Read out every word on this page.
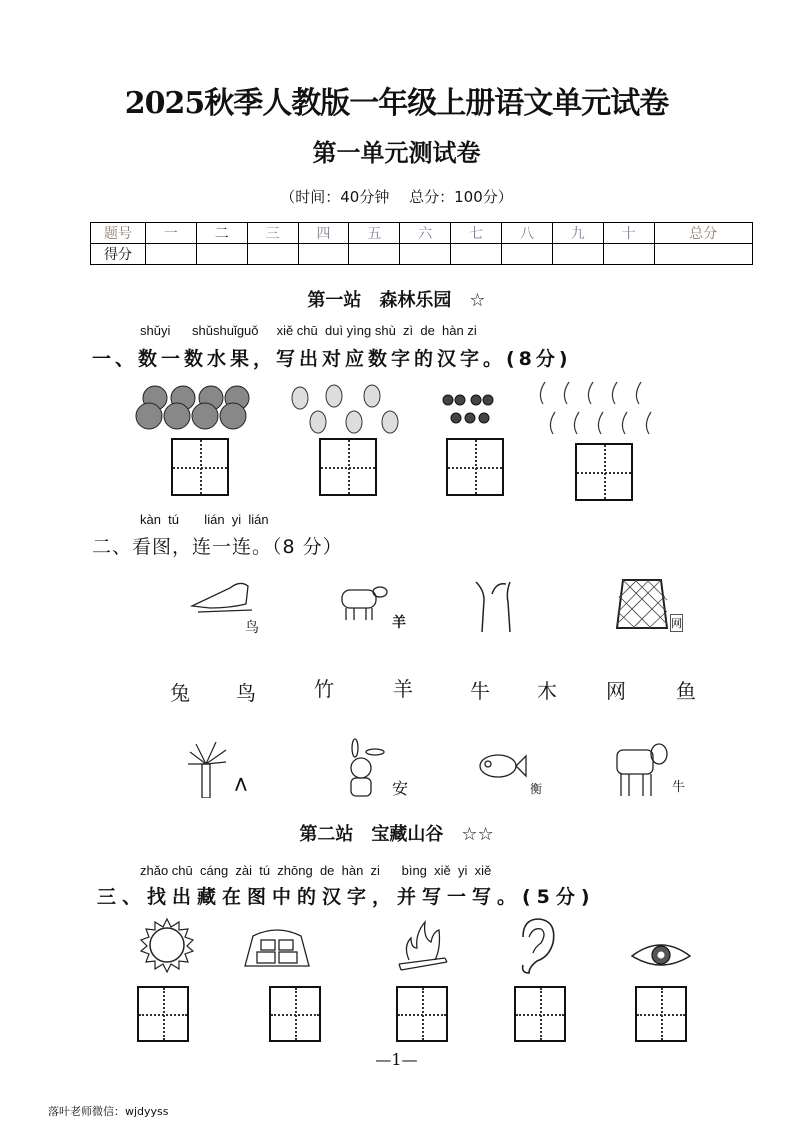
2025秋季人教版一年级上册语文单元试卷
第一单元测试卷
（时间：40分钟　 总分：100分）
题号	一	二	三	四	五	六	七	八	九	十	总分
得分											
第一站　森林乐园　☆
shǔyi      shǔshuǐguǒ     xiě chū  duì yìng shù  zì  de  hàn zi
一、数一数水果，写出对应数字的汉字。(8分)
kàn  tú       lián  yi  lián
二、看图，连一连。（8 分）
鸟	羊	网
兔 鸟	竹	羊	牛 木 网	鱼
⋀	安	衡	牛
第二站　宝藏山谷　☆☆
zhǎo chū  cáng  zài  tú  zhōng  de  hàn  zi      bìng  xiě  yi  xiě
三、找出藏在图中的汉字，并写一写。(5分)
—1—
落叶老师微信：wjdyyss
